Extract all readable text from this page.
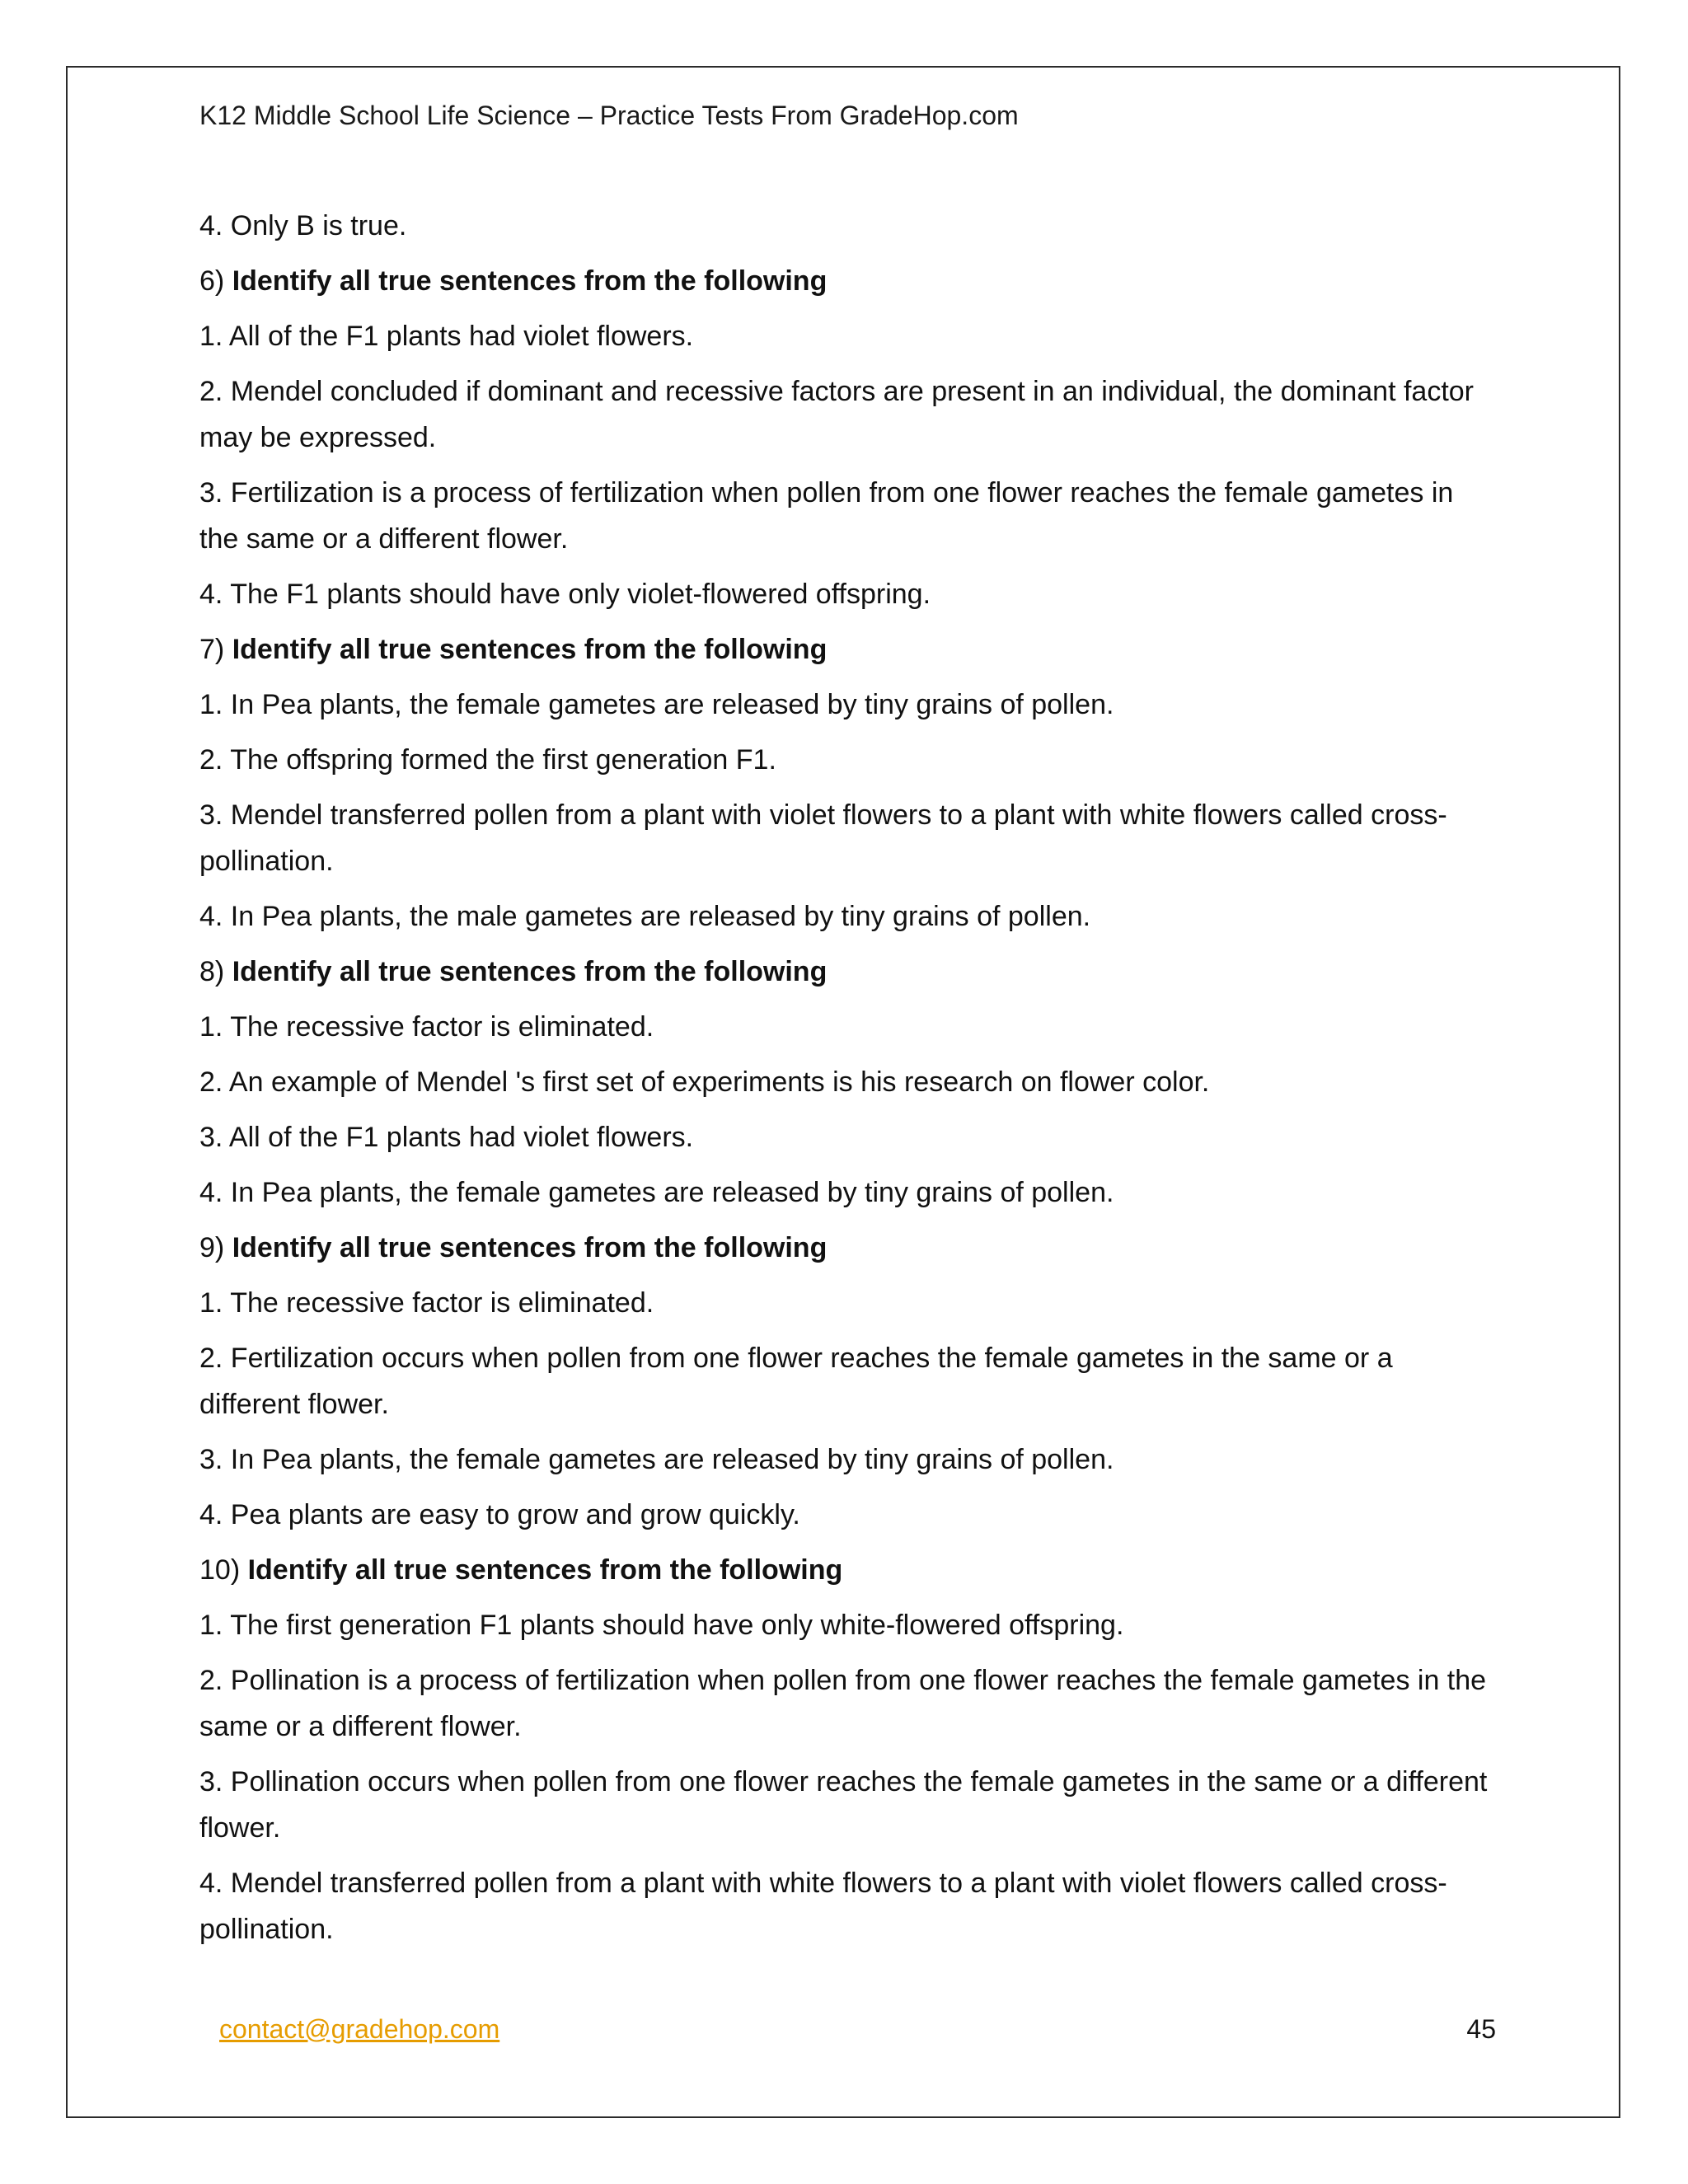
K12 Middle School Life Science – Practice Tests From GradeHop.com

4. Only B is true.

6) Identify all true sentences from the following

1. All of the F1 plants had violet flowers.

2. Mendel concluded if dominant and recessive factors are present in an individual, the dominant factor may be expressed.

3. Fertilization is a process of fertilization when pollen from one flower reaches the female gametes in the same or a different flower.

4. The F1 plants should have only violet-flowered offspring.

7) Identify all true sentences from the following

1. In Pea plants, the female gametes are released by tiny grains of pollen.

2. The offspring formed the first generation F1.

3. Mendel transferred pollen from a plant with violet flowers to a plant with white flowers called cross-pollination.

4. In Pea plants, the male gametes are released by tiny grains of pollen.

8) Identify all true sentences from the following

1. The recessive factor is eliminated.

2. An example of Mendel 's first set of experiments is his research on flower color.

3. All of the F1 plants had violet flowers.

4. In Pea plants, the female gametes are released by tiny grains of pollen.

9) Identify all true sentences from the following

1. The recessive factor is eliminated.

2. Fertilization occurs when pollen from one flower reaches the female gametes in the same or a different flower.

3. In Pea plants, the female gametes are released by tiny grains of pollen.

4. Pea plants are easy to grow and grow quickly.

10) Identify all true sentences from the following

1. The first generation F1 plants should have only white-flowered offspring.

2. Pollination is a process of fertilization when pollen from one flower reaches the female gametes in the same or a different flower.

3. Pollination occurs when pollen from one flower reaches the female gametes in the same or a different flower.

4. Mendel transferred pollen from a plant with white flowers to a plant with violet flowers called cross-pollination.

contact@gradehop.com	45
